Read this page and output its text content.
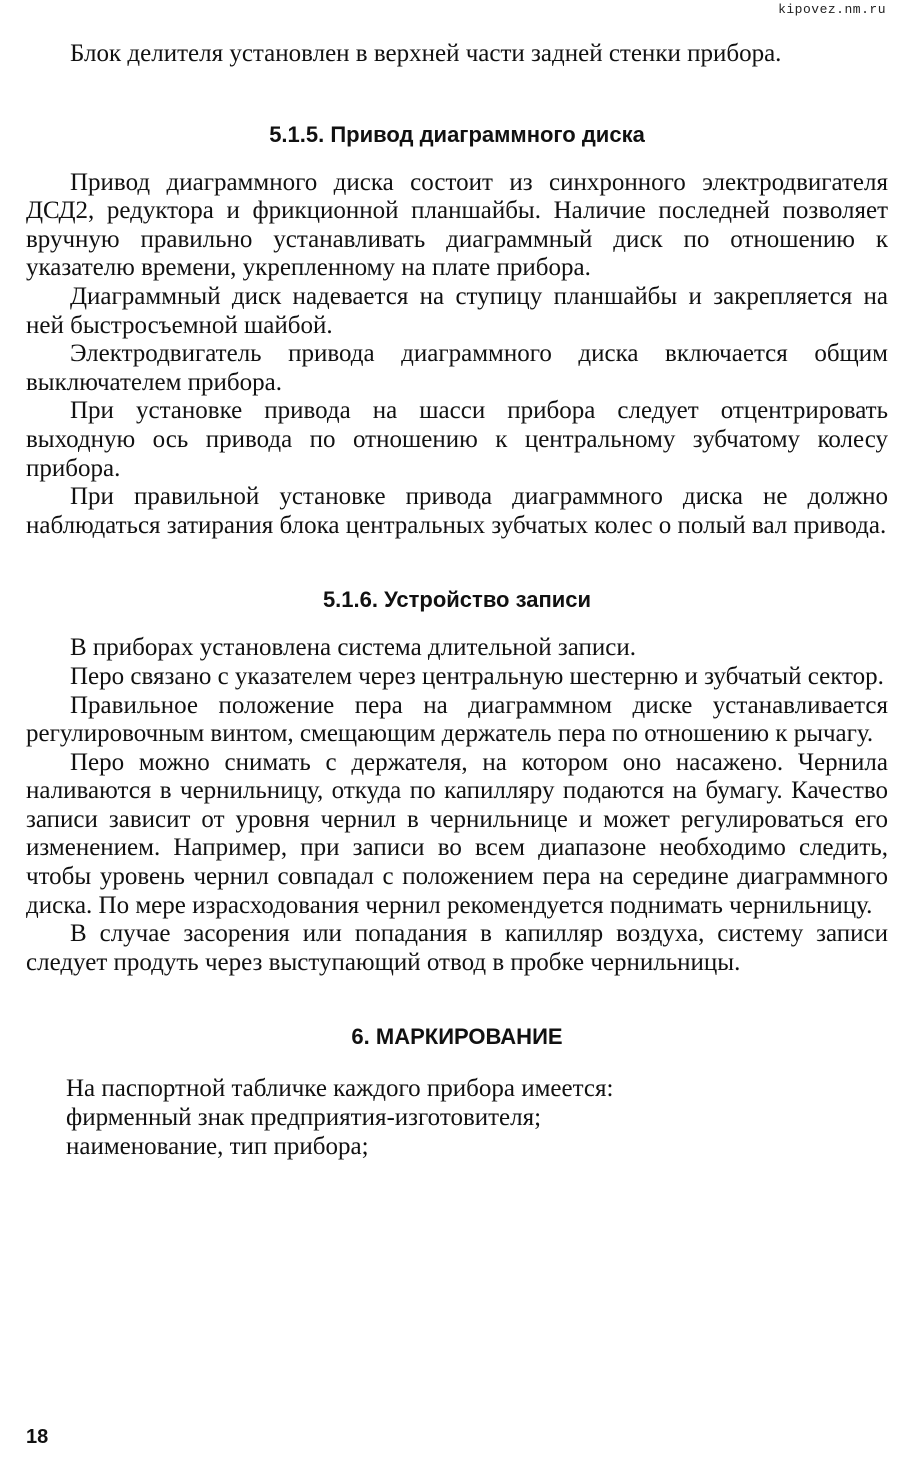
kipovez.nm.ru

Блок делителя установлен в верхней части задней стенки прибора.

5.1.5. Привод диаграммного диска

Привод диаграммного диска состоит из синхронного электродвигателя ДСД2, редуктора и фрикционной планшайбы. Наличие последней позволяет вручную правильно устанавливать диаграммный диск по отношению к указателю времени, укрепленному на плате прибора.

Диаграммный диск надевается на ступицу планшайбы и закрепляется на ней быстросъемной шайбой.

Электродвигатель привода диаграммного диска включается общим выключателем прибора.

При установке привода на шасси прибора следует отцентрировать выходную ось привода по отношению к центральному зубчатому колесу прибора.

При правильной установке привода диаграммного диска не должно наблюдаться затирания блока центральных зубчатых колес о полый вал привода.

5.1.6. Устройство записи

В приборах установлена система длительной записи.

Перо связано с указателем через центральную шестерню и зубчатый сектор.

Правильное положение пера на диаграммном диске устанавливается регулировочным винтом, смещающим держатель пера по отношению к рычагу.

Перо можно снимать с держателя, на котором оно насажено. Чернила наливаются в чернильницу, откуда по капилляру подаются на бумагу. Качество записи зависит от уровня чернил в чернильнице и может регулироваться его изменением. Например, при записи во всем диапазоне необходимо следить, чтобы уровень чернил совпадал с положением пера на середине диаграммного диска. По мере израсходования чернил рекомендуется поднимать чернильницу.

В случае засорения или попадания в капилляр воздуха, систему записи следует продуть через выступающий отвод в пробке чернильницы.

6. МАРКИРОВАНИЕ

На паспортной табличке каждого прибора имеется:

фирменный знак предприятия-изготовителя;

наименование, тип прибора;

18
